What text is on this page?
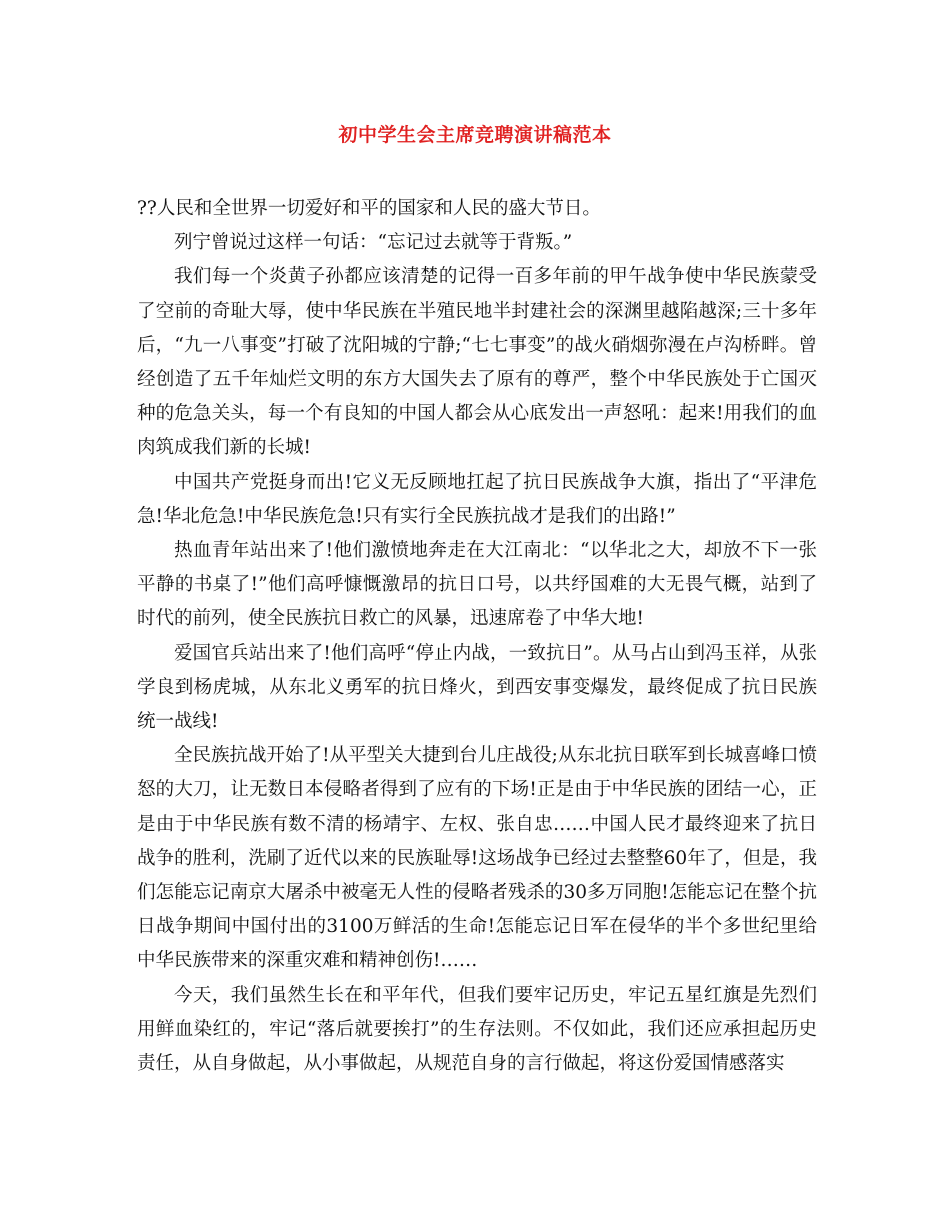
初中学生会主席竞聘演讲稿范本

??人民和全世界一切爱好和平的国家和人民的盛大节日。

列宁曾说过这样一句话：“忘记过去就等于背叛。”

我们每一个炎黄子孙都应该清楚的记得一百多年前的甲午战争使中华民族蒙受了空前的奇耻大辱，使中华民族在半殖民地半封建社会的深渊里越陷越深;三十多年后，“九一八事变”打破了沈阳城的宁静;“七七事变”的战火硝烟弥漫在卢沟桥畔。曾经创造了五千年灿烂文明的东方大国失去了原有的尊严，整个中华民族处于亡国灭种的危急关头，每一个有良知的中国人都会从心底发出一声怒吼：起来!用我们的血肉筑成我们新的长城!

中国共产党挺身而出!它义无反顾地扛起了抗日民族战争大旗，指出了“平津危急!华北危急!中华民族危急!只有实行全民族抗战才是我们的出路!”

热血青年站出来了!他们激愤地奔走在大江南北：“以华北之大，却放不下一张平静的书桌了!”他们高呼慷慨激昂的抗日口号，以共纾国难的大无畏气概，站到了时代的前列，使全民族抗日救亡的风暴，迅速席卷了中华大地!

爱国官兵站出来了!他们高呼“停止内战，一致抗日”。从马占山到冯玉祥，从张学良到杨虎城，从东北义勇军的抗日烽火，到西安事变爆发，最终促成了抗日民族统一战线!

全民族抗战开始了!从平型关大捷到台儿庄战役;从东北抗日联军到长城喜峰口愤怒的大刀，让无数日本侵略者得到了应有的下场!正是由于中华民族的团结一心，正是由于中华民族有数不清的杨靖宇、左权、张自忠……中国人民才最终迎来了抗日战争的胜利，洗刷了近代以来的民族耻辱!这场战争已经过去整整60年了，但是，我们怎能忘记南京大屠杀中被毫无人性的侵略者残杀的30多万同胞!怎能忘记在整个抗日战争期间中国付出的3100万鲜活的生命!怎能忘记日军在侵华的半个多世纪里给中华民族带来的深重灾难和精神创伤!……

今天，我们虽然生长在和平年代，但我们要牢记历史，牢记五星红旗是先烈们用鲜血染红的，牢记“落后就要挨打”的生存法则。不仅如此，我们还应承担起历史责任，从自身做起，从小事做起，从规范自身的言行做起，将这份爱国情感落实
